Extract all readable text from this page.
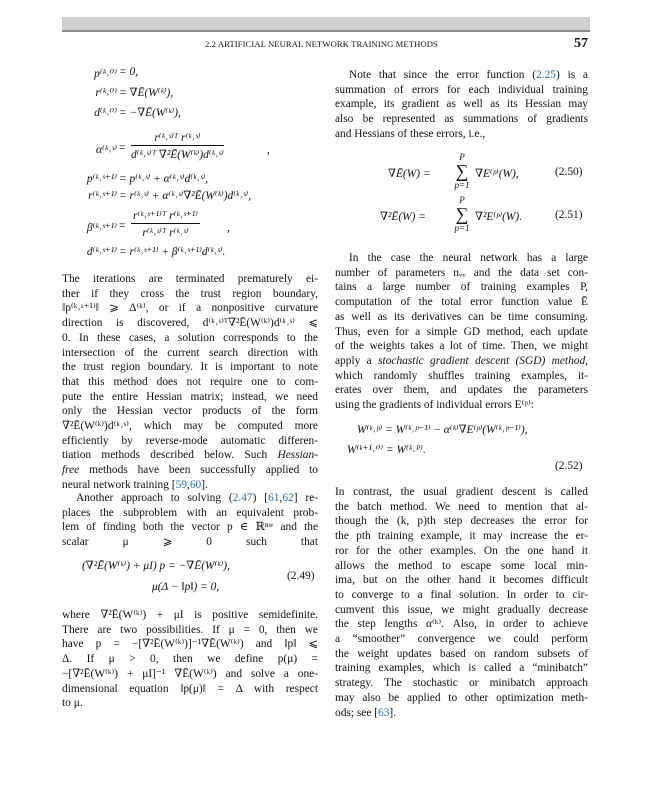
2.2 ARTIFICIAL NEURAL NETWORK TRAINING METHODS	57
p⁽ᵏ˒⁰⁾ = 0,
r⁽ᵏ˒⁰⁾ = ∇Ē(W⁽ᵏ⁾),
d⁽ᵏ˒⁰⁾ = −∇Ē(W⁽ᵏ⁾),
α⁽ᵏ˒ˢ⁾ = $\frac{\text{r⁽ᵏ˒ˢ⁾ᵀ r⁽ᵏ˒ˢ⁾}}{\text{d⁽ᵏ˒ˢ⁾ᵀ ∇²Ē(W⁽ᵏ⁾)d⁽ᵏ˒ˢ⁾}}$	,
p⁽ᵏ˒ˢ⁺¹⁾ = p⁽ᵏ˒ˢ⁾ + α⁽ᵏ˒ˢ⁾d⁽ᵏ˒ˢ⁾,
r⁽ᵏ˒ˢ⁺¹⁾ = r⁽ᵏ˒ˢ⁾ + α⁽ᵏ˒ˢ⁾∇²Ē(W⁽ᵏ⁾)d⁽ᵏ˒ˢ⁾,
β⁽ᵏ˒ˢ⁺¹⁾ = $\frac{\text{r⁽ᵏ˒ˢ⁺¹⁾ᵀ r⁽ᵏ˒ˢ⁺¹⁾}}{\text{r⁽ᵏ˒ˢ⁾ᵀ r⁽ᵏ˒ˢ⁾}}$ ,
d⁽ᵏ˒ˢ⁺¹⁾ = r⁽ᵏ˒ˢ⁺¹⁾ + β⁽ᵏ˒ˢ⁺¹⁾d⁽ᵏ˒ˢ⁾.
The iterations are terminated prematurely ei-
ther if they cross the trust region boundary,
‖p⁽ᵏ˒ˢ⁺¹⁾‖ ⩾ Δ⁽ᵏ⁾, or if a nonpositive curvature
direction is discovered, d⁽ᵏ˒ˢ⁾ᵀ∇²Ē(W⁽ᵏ⁾)d⁽ᵏ˒ˢ⁾ ⩽
0. In these cases, a solution corresponds to the
intersection of the current search direction with
the trust region boundary. It is important to note
that this method does not require one to com-
pute the entire Hessian matrix; instead, we need
only the Hessian vector products of the form
∇²Ē(W⁽ᵏ⁾)d⁽ᵏ˒ˢ⁾, which may be computed more
efficiently by reverse-mode automatic differen-
tiation methods described below. Such Hessian-
free methods have been successfully applied to
neural network training [59,60].
Another approach to solving (2.47) [61,62] re-
places the subproblem with an equivalent prob-
lem of finding both the vector p ∈ ℝⁿʷ and the
scalar μ ⩾ 0 such that
(∇²Ē(W⁽ᵏ⁾) + μI) p = −∇Ē(W⁽ᵏ⁾),
μ(Δ − ‖p‖) = 0,
(2.49)
where ∇²Ē(W⁽ᵏ⁾) + μI is positive semidefinite.
There are two possibilities. If μ = 0, then we
have p = −[∇²Ē(W⁽ᵏ⁾)]⁻¹∇Ē(W⁽ᵏ⁾) and ‖p‖ ⩽
Δ. If μ > 0, then we define p(μ) =
−[∇²Ē(W⁽ᵏ⁾) + μI]⁻¹ ∇Ē(W⁽ᵏ⁾) and solve a one-
dimensional equation ‖p(μ)‖ = Δ with respect
to μ.
Note that since the error function (2.25) is a
summation of errors for each individual training
example, its gradient as well as its Hessian may
also be represented as summations of gradients
and Hessians of these errors, i.e.,
∇Ē(W) =
P
∑
p=1
∇E⁽ᵖ⁾(W),	(2.50)
∇²Ē(W) =
P
∑
p=1
∇²E⁽ᵖ⁾(W).	(2.51)
In the case the neural network has a large
number of parameters nᵥᵥ and the data set con-
tains a large number of training examples P,
computation of the total error function value Ē
as well as its derivatives can be time consuming.
Thus, even for a simple GD method, each update
of the weights takes a lot of time. Then, we might
apply a stochastic gradient descent (SGD) method,
which randomly shuffles training examples, it-
erates over them, and updates the parameters
using the gradients of individual errors E⁽ᵖ⁾:
W⁽ᵏ˒ᵖ⁾ = W⁽ᵏ˒ᵖ⁻¹⁾ − α⁽ᵏ⁾∇E⁽ᵖ⁾(W⁽ᵏ˒ᵖ⁻¹⁾),
W⁽ᵏ⁺¹˒⁰⁾ = W⁽ᵏ˒ᴾ⁾.
(2.52)
In contrast, the usual gradient descent is called
the batch method. We need to mention that al-
though the (k, p)th step decreases the error for
the pth training example, it may increase the er-
ror for the other examples. On the one hand it
allows the method to escape some local min-
ima, but on the other hand it becomes difficult
to converge to a final solution. In order to cir-
cumvent this issue, we might gradually decrease
the step lengths α⁽ᵏ⁾. Also, in order to achieve
a “smoother” convergence we could perform
the weight updates based on random subsets of
training examples, which is called a “minibatch”
strategy. The stochastic or minibatch approach
may also be applied to other optimization meth-
ods; see [63].
